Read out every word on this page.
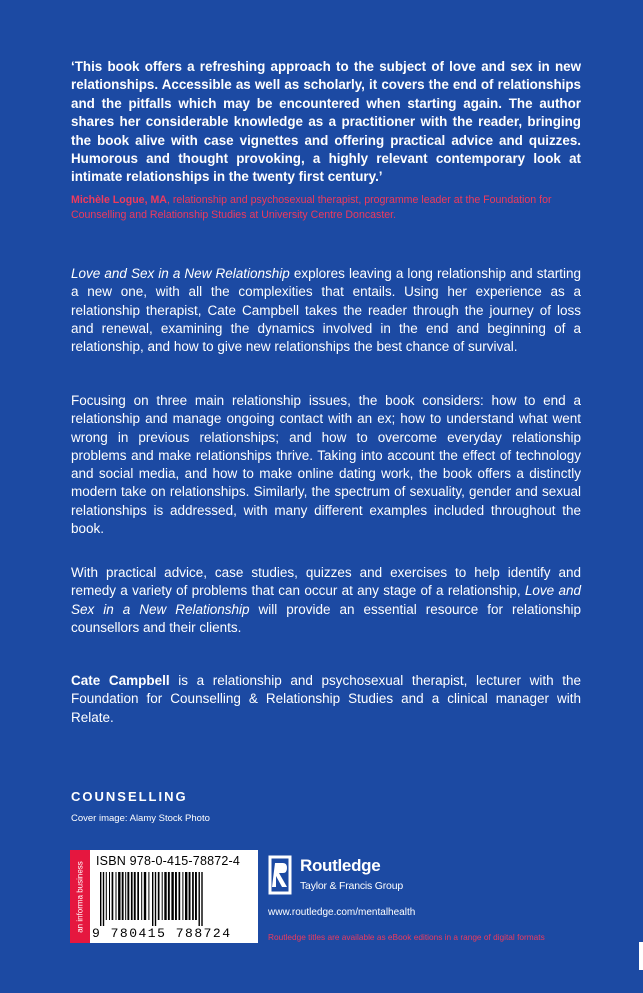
‘This book offers a refreshing approach to the subject of love and sex in new relationships. Accessible as well as scholarly, it covers the end of relationships and the pitfalls which may be encountered when starting again. The author shares her considerable knowledge as a practitioner with the reader, bringing the book alive with case vignettes and offering practical advice and quizzes. Humorous and thought provoking, a highly relevant contemporary look at intimate relationships in the twenty first century.’

Michèle Logue, MA, relationship and psychosexual therapist, programme leader at the Foundation for Counselling and Relationship Studies at University Centre Doncaster.

Love and Sex in a New Relationship explores leaving a long relationship and starting a new one, with all the complexities that entails. Using her experience as a relationship therapist, Cate Campbell takes the reader through the journey of loss and renewal, examining the dynamics involved in the end and beginning of a relationship, and how to give new relationships the best chance of survival.

Focusing on three main relationship issues, the book considers: how to end a relationship and manage ongoing contact with an ex; how to understand what went wrong in previous relationships; and how to overcome everyday relationship problems and make relationships thrive. Taking into account the effect of technology and social media, and how to make online dating work, the book offers a distinctly modern take on relationships. Similarly, the spectrum of sexuality, gender and sexual relationships is addressed, with many different examples included throughout the book.

With practical advice, case studies, quizzes and exercises to help identify and remedy a variety of problems that can occur at any stage of a relationship, Love and Sex in a New Relationship will provide an essential resource for relationship counsellors and their clients.

Cate Campbell is a relationship and psychosexual therapist, lecturer with the Foundation for Counselling & Relationship Studies and a clinical manager with Relate.

COUNSELLING

Cover image: Alamy Stock Photo

an informa business ISBN 978-0-415-78872-4
9 780415 788724

Routledge

Taylor & Francis Group

www.routledge.com/mentalhealth

Routledge titles are available as eBook editions in a range of digital formats
